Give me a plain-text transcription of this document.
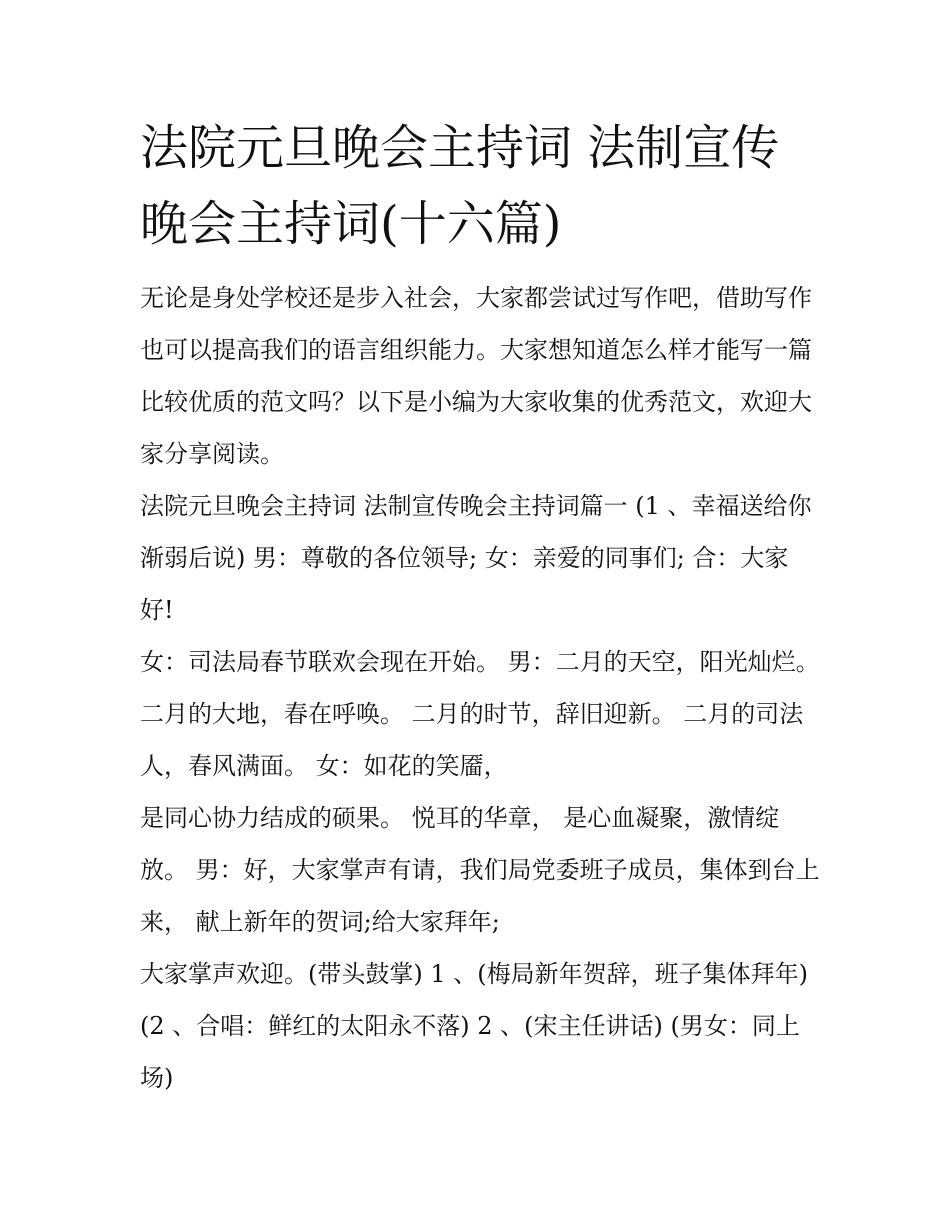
法院元旦晚会主持词 法制宣传晚会主持词(十六篇)

无论是身处学校还是步入社会，大家都尝试过写作吧，借助写作也可以提高我们的语言组织能力。大家想知道怎么样才能写一篇比较优质的范文吗？以下是小编为大家收集的优秀范文，欢迎大家分享阅读。

法院元旦晚会主持词 法制宣传晚会主持词篇一 (1 、幸福送给你 渐弱后说) 男：尊敬的各位领导; 女：亲爱的同事们; 合：大家好!

女：司法局春节联欢会现在开始。 男：二月的天空，阳光灿烂。 二月的大地，春在呼唤。 二月的时节，辞旧迎新。 二月的司法人，春风满面。 女：如花的笑靥，

是同心协力结成的硕果。 悦耳的华章， 是心血凝聚，激情绽放。 男：好，大家掌声有请，我们局党委班子成员，集体到台上来， 献上新年的贺词;给大家拜年;

大家掌声欢迎。(带头鼓掌) 1 、(梅局新年贺辞，班子集体拜年) (2 、合唱：鲜红的太阳永不落) 2 、(宋主任讲话) (男女：同上场)
